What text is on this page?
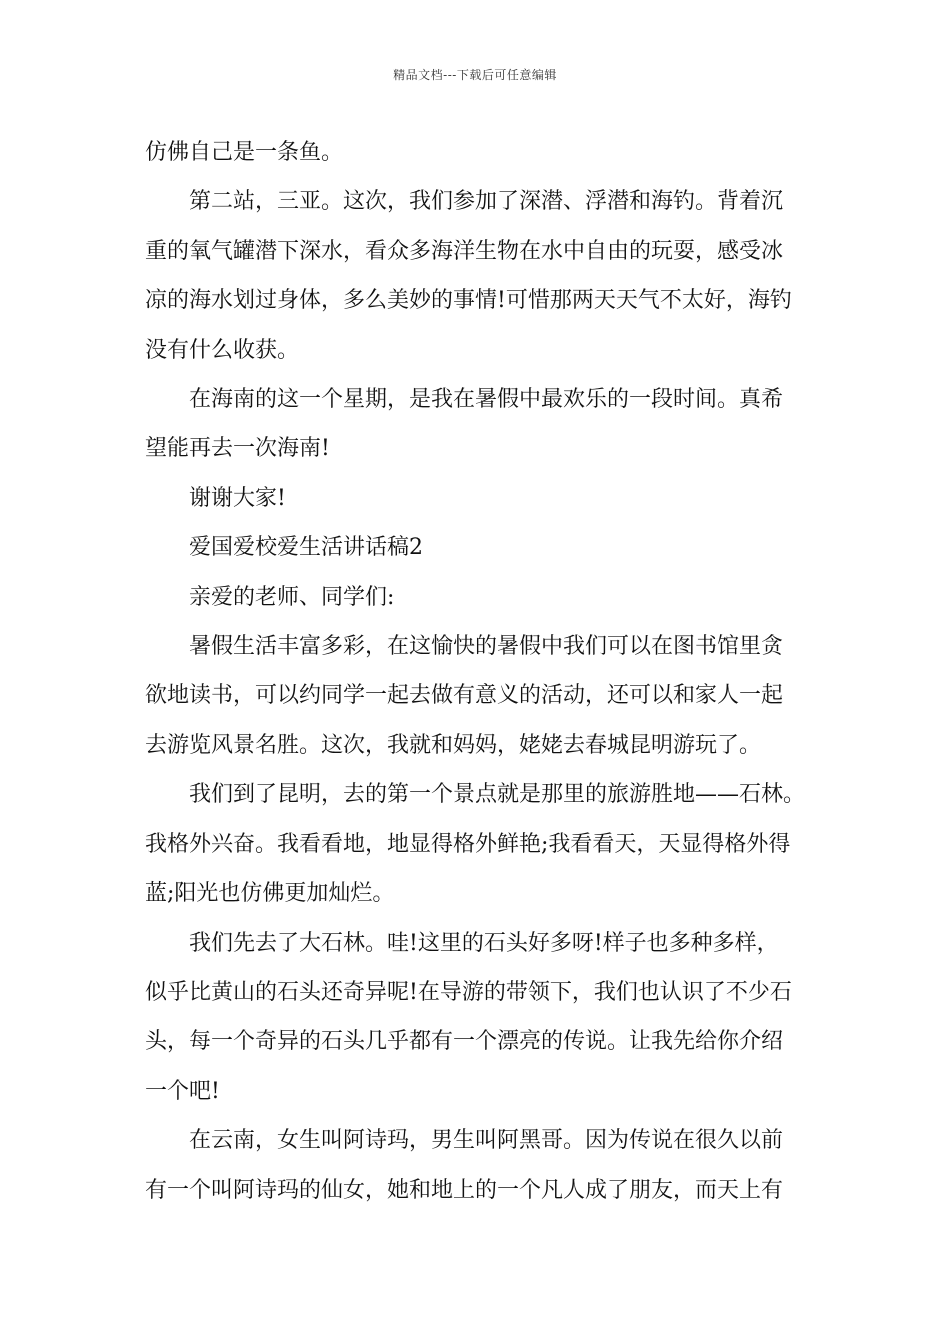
精品文档---下载后可任意编辑

仿佛自己是一条鱼。

第二站，三亚。这次，我们参加了深潜、浮潜和海钓。背着沉
重的氧气罐潜下深水，看众多海洋生物在水中自由的玩耍，感受冰
凉的海水划过身体，多么美妙的事情!可惜那两天天气不太好，海钓
没有什么收获。

在海南的这一个星期，是我在暑假中最欢乐的一段时间。真希
望能再去一次海南!

谢谢大家!

爱国爱校爱生活讲话稿2

亲爱的老师、同学们:

暑假生活丰富多彩，在这愉快的暑假中我们可以在图书馆里贪
欲地读书，可以约同学一起去做有意义的活动，还可以和家人一起
去游览风景名胜。这次，我就和妈妈，姥姥去春城昆明游玩了。

我们到了昆明，去的第一个景点就是那里的旅游胜地——石林。
我格外兴奋。我看看地，地显得格外鲜艳;我看看天，天显得格外得
蓝;阳光也仿佛更加灿烂。

我们先去了大石林。哇!这里的石头好多呀!样子也多种多样，
似乎比黄山的石头还奇异呢!在导游的带领下，我们也认识了不少石
头，每一个奇异的石头几乎都有一个漂亮的传说。让我先给你介绍
一个吧!

在云南，女生叫阿诗玛，男生叫阿黑哥。因为传说在很久以前
有一个叫阿诗玛的仙女，她和地上的一个凡人成了朋友，而天上有
